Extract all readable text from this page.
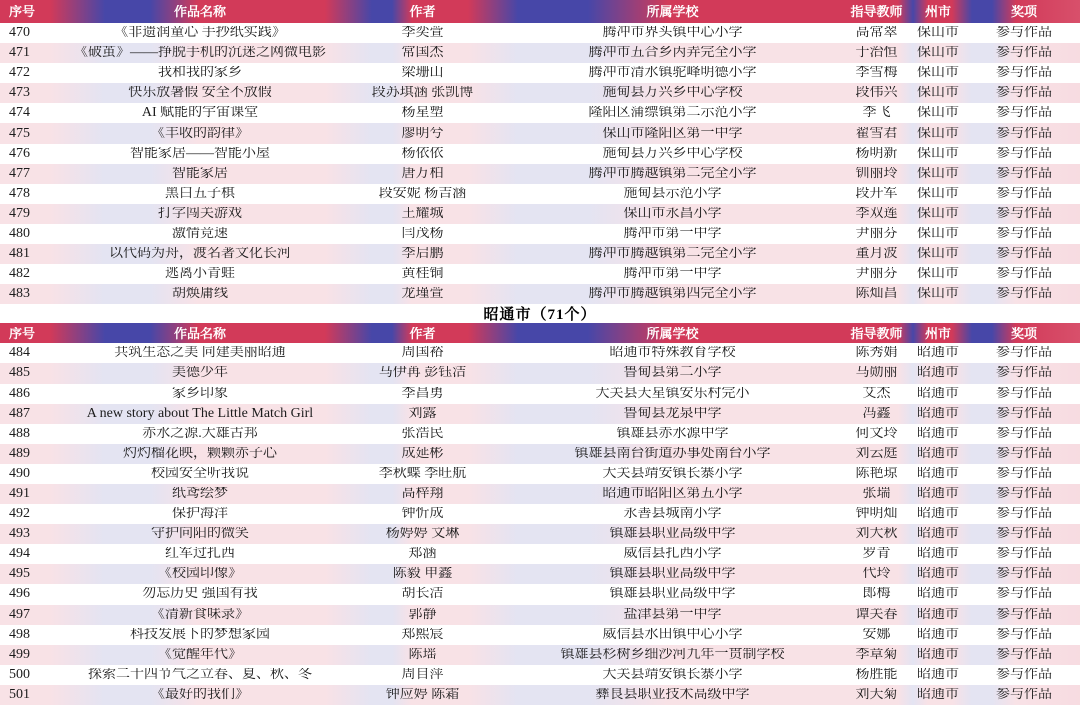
序号	作品名称	作者	所属学校	指导教师	州市	奖项
470	《非遗润童心 手抄纸实践》	李奕萱	腾冲市界头镇中心小学	高常翠	保山市	参与作品
471	《破茧》——挣脱手机的沉迷之网微电影	常国杰	腾冲市五合乡丙弄完全小学	于治恒	保山市	参与作品
472	我和我的家乡	梁珊山	腾冲市清水镇驼峰明德小学	李雪梅	保山市	参与作品
473	快乐放暑假 安全不放假	段苏琪涵 张凯博	施甸县万兴乡中心学校	段伟兴	保山市	参与作品
474	AI 赋能的宇宙课堂	杨星塑	隆阳区蒲缥镇第二示范小学	李飞	保山市	参与作品
475	《丰收的韵律》	廖明兮	保山市隆阳区第一中学	翟雪君	保山市	参与作品
476	智能家居——智能小屋	杨依依	施甸县万兴乡中心学校	杨明新	保山市	参与作品
477	智能家居	唐万柏	腾冲市腾越镇第二完全小学	钏丽玲	保山市	参与作品
478	黑白五子棋	段安妮 杨吉涵	施甸县示范小学	段开军	保山市	参与作品
479	打字闯关游戏	王耀城	保山市永昌小学	李双莲	保山市	参与作品
480	激情竞速	闫茂杨	腾冲市第一中学	尹丽芬	保山市	参与作品
481	以代码为舟，渡名著文化长河	李启鹏	腾冲市腾越镇第二完全小学	董月波	保山市	参与作品
482	逃离小青蛙	黄桂铜	腾冲市第一中学	尹丽芬	保山市	参与作品
483	胡焕庸线	龙瑾萱	腾冲市腾越镇第四完全小学	陈灿昌	保山市	参与作品
昭通市（71个）
序号	作品名称	作者	所属学校	指导教师	州市	奖项
484	共筑生态之美 同建美丽昭通	周国裕	昭通市特殊教育学校	陈秀娟	昭通市	参与作品
485	美德少年	马伊苒 彭钰洁	鲁甸县第二小学	马勋丽	昭通市	参与作品
486	家乡印象	李昌勇	大关县天星镇安乐村完小	艾杰	昭通市	参与作品
487	A new story about The Little Match Girl	刘露	鲁甸县龙泉中学	冯鑫	昭通市	参与作品
488	赤水之源.大雄古邦	张浩民	镇雄县赤水源中学	何文玲	昭通市	参与作品
489	灼灼榴花映，颗颗赤子心	成延彬	镇雄县南台街道办事处南台小学	刘云庭	昭通市	参与作品
490	校园安全听我说	李秋蝶 李旺航	大关县靖安镇长寨小学	陈艳琼	昭通市	参与作品
491	纸鸢绘梦	高梓翔	昭通市昭阳区第五小学	张瑞	昭通市	参与作品
492	保护海洋	钟忻成	永善县城南小学	钟明灿	昭通市	参与作品
493	守护向阳的微笑	杨婷婷 文琳	镇雄县职业高级中学	刘大秋	昭通市	参与作品
494	红军过扎西	郑涵	威信县扎西小学	罗青	昭通市	参与作品
495	《校园印像》	陈毅 申鑫	镇雄县职业高级中学	代玲	昭通市	参与作品
496	勿忘历史 强国有我	胡长洁	镇雄县职业高级中学	郎梅	昭通市	参与作品
497	《清新食味录》	郭静	盐津县第一中学	谭关春	昭通市	参与作品
498	科技发展下的梦想家园	郑熙宸	威信县水田镇中心小学	安娜	昭通市	参与作品
499	《觉醒年代》	陈瑶	镇雄县杉树乡细沙河九年一贯制学校	李章菊	昭通市	参与作品
500	探索二十四节气之立春、夏、秋、冬	周自萍	大关县靖安镇长寨小学	杨胜能	昭通市	参与作品
501	《最好的我们》	钟应婷 陈霜	彝良县职业技术高级中学	刘天菊	昭通市	参与作品
